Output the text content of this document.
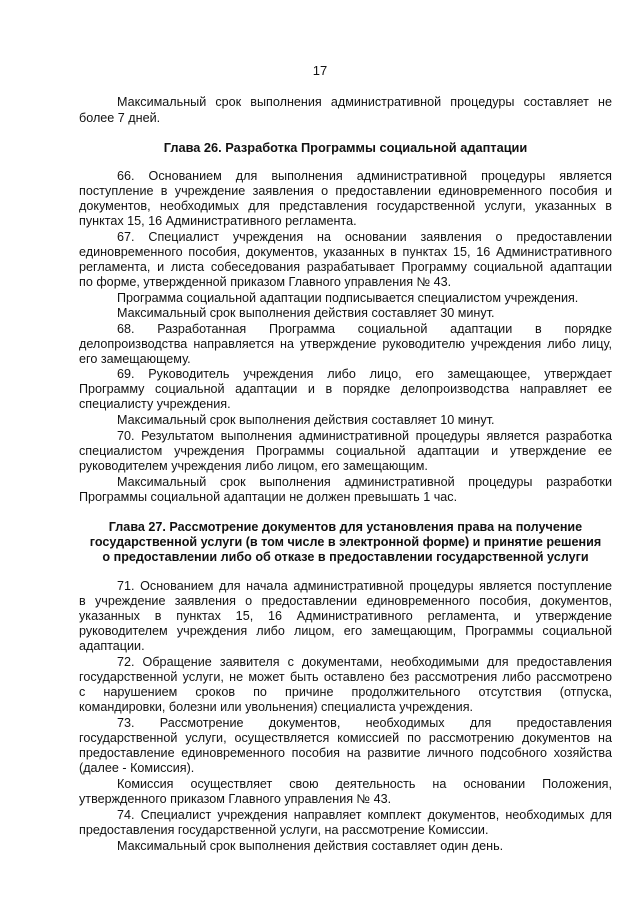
17
Максимальный срок выполнения административной процедуры составляет не
более 7 дней.
Глава 26. Разработка Программы социальной адаптации
66. Основанием для выполнения административной процедуры является
поступление в учреждение заявления о предоставлении единовременного пособия и
документов, необходимых для представления государственной услуги, указанных в
пунктах 15, 16 Административного регламента.
67. Специалист учреждения на основании заявления о предоставлении
единовременного пособия, документов, указанных в пунктах 15, 16 Административного
регламента, и листа собеседования разрабатывает Программу социальной адаптации
по форме, утвержденной приказом Главного управления № 43.
Программа социальной адаптации подписывается специалистом учреждения.
Максимальный срок выполнения действия составляет 30 минут.
68. Разработанная Программа социальной адаптации в порядке
делопроизводства направляется на утверждение руководителю учреждения либо лицу,
его замещающему.
69. Руководитель учреждения либо лицо, его замещающее, утверждает
Программу социальной адаптации и в порядке делопроизводства направляет ее
специалисту учреждения.
Максимальный срок выполнения действия составляет 10 минут.
70. Результатом выполнения административной процедуры является разработка
специалистом учреждения Программы социальной адаптации и утверждение ее
руководителем учреждения либо лицом, его замещающим.
Максимальный срок выполнения административной процедуры разработки
Программы социальной адаптации не должен превышать 1 час.
Глава 27. Рассмотрение документов для установления права на получение
государственной услуги (в том числе в электронной форме) и принятие решения
о предоставлении либо об отказе в предоставлении государственной услуги
71. Основанием для начала административной процедуры является поступление
в учреждение заявления о предоставлении единовременного пособия, документов,
указанных в пунктах 15, 16 Административного регламента, и утверждение
руководителем учреждения либо лицом, его замещающим, Программы социальной
адаптации.
72. Обращение заявителя с документами, необходимыми для предоставления
государственной услуги, не может быть оставлено без рассмотрения либо рассмотрено
с нарушением сроков по причине продолжительного отсутствия (отпуска,
командировки, болезни или увольнения) специалиста учреждения.
73. Рассмотрение документов, необходимых для предоставления
государственной услуги, осуществляется комиссией по рассмотрению документов на
предоставление единовременного пособия на развитие личного подсобного хозяйства
(далее - Комиссия).
Комиссия осуществляет свою деятельность на основании Положения,
утвержденного приказом Главного управления № 43.
74. Специалист учреждения направляет комплект документов, необходимых для
предоставления государственной услуги, на рассмотрение Комиссии.
Максимальный срок выполнения действия составляет один день.
